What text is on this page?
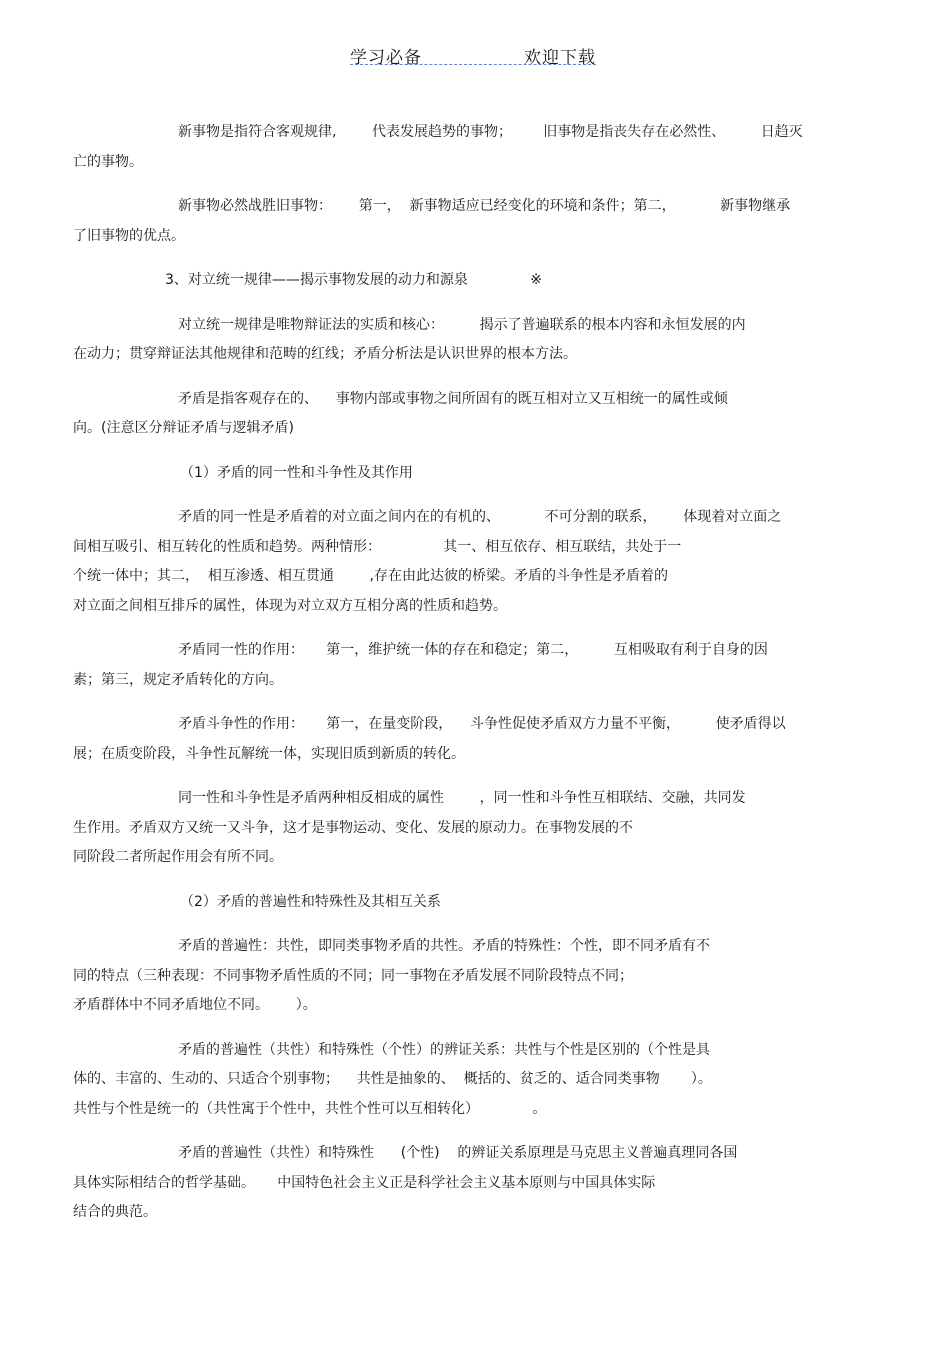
学习必备	欢迎下载
新事物是指符合客观规律,        代表发展趋势的事物；       旧事物是指丧失存在必然性、        日趋灭
亡的事物。
新事物必然战胜旧事物：      第一，  新事物适应已经变化的环境和条件；第二，          新事物继承
了旧事物的优点。
3、对立统一规律——揭示事物发展的动力和源泉              ※
对立统一规律是唯物辩证法的实质和核心：        揭示了普遍联系的根本内容和永恒发展的内
在动力；贯穿辩证法其他规律和范畴的红线；矛盾分析法是认识世界的根本方法。
矛盾是指客观存在的、    事物内部或事物之间所固有的既互相对立又互相统一的属性或倾
向。(注意区分辩证矛盾与逻辑矛盾)
（1）矛盾的同一性和斗争性及其作用
矛盾的同一性是矛盾着的对立面之间内在的有机的、          不可分割的联系，      体现着对立面之
间相互吸引、相互转化的性质和趋势。两种情形：              其一、相互依存、相互联结，共处于一
个统一体中；其二，  相互渗透、相互贯通        ,存在由此达彼的桥梁。矛盾的斗争性是矛盾着的
对立面之间相互排斥的属性，体现为对立双方互相分离的性质和趋势。
矛盾同一性的作用：     第一，维护统一体的存在和稳定；第二，        互相吸取有利于自身的因
素；第三，规定矛盾转化的方向。
矛盾斗争性的作用：     第一，在量变阶段，    斗争性促使矛盾双方力量不平衡，        使矛盾得以
展；在质变阶段，斗争性瓦解统一体，实现旧质到新质的转化。
同一性和斗争性是矛盾两种相反相成的属性        ，同一性和斗争性互相联结、交融，共同发
生作用。矛盾双方又统一又斗争，这才是事物运动、变化、发展的原动力。在事物发展的不
同阶段二者所起作用会有所不同。
（2）矛盾的普遍性和特殊性及其相互关系
矛盾的普遍性：共性，即同类事物矛盾的共性。矛盾的特殊性：个性，即不同矛盾有不
同的特点（三种表现：不同事物矛盾性质的不同；同一事物在矛盾发展不同阶段特点不同；
矛盾群体中不同矛盾地位不同。      ）。
矛盾的普遍性（共性）和特殊性（个性）的辨证关系：共性与个性是区别的（个性是具
体的、丰富的、生动的、只适合个别事物；    共性是抽象的、  概括的、贫乏的、适合同类事物       ）。
共性与个性是统一的（共性寓于个性中，共性个性可以互相转化）            。
矛盾的普遍性（共性）和特殊性      (个性)    的辨证关系原理是马克思主义普遍真理同各国
具体实际相结合的哲学基础。     中国特色社会主义正是科学社会主义基本原则与中国具体实际
结合的典范。
